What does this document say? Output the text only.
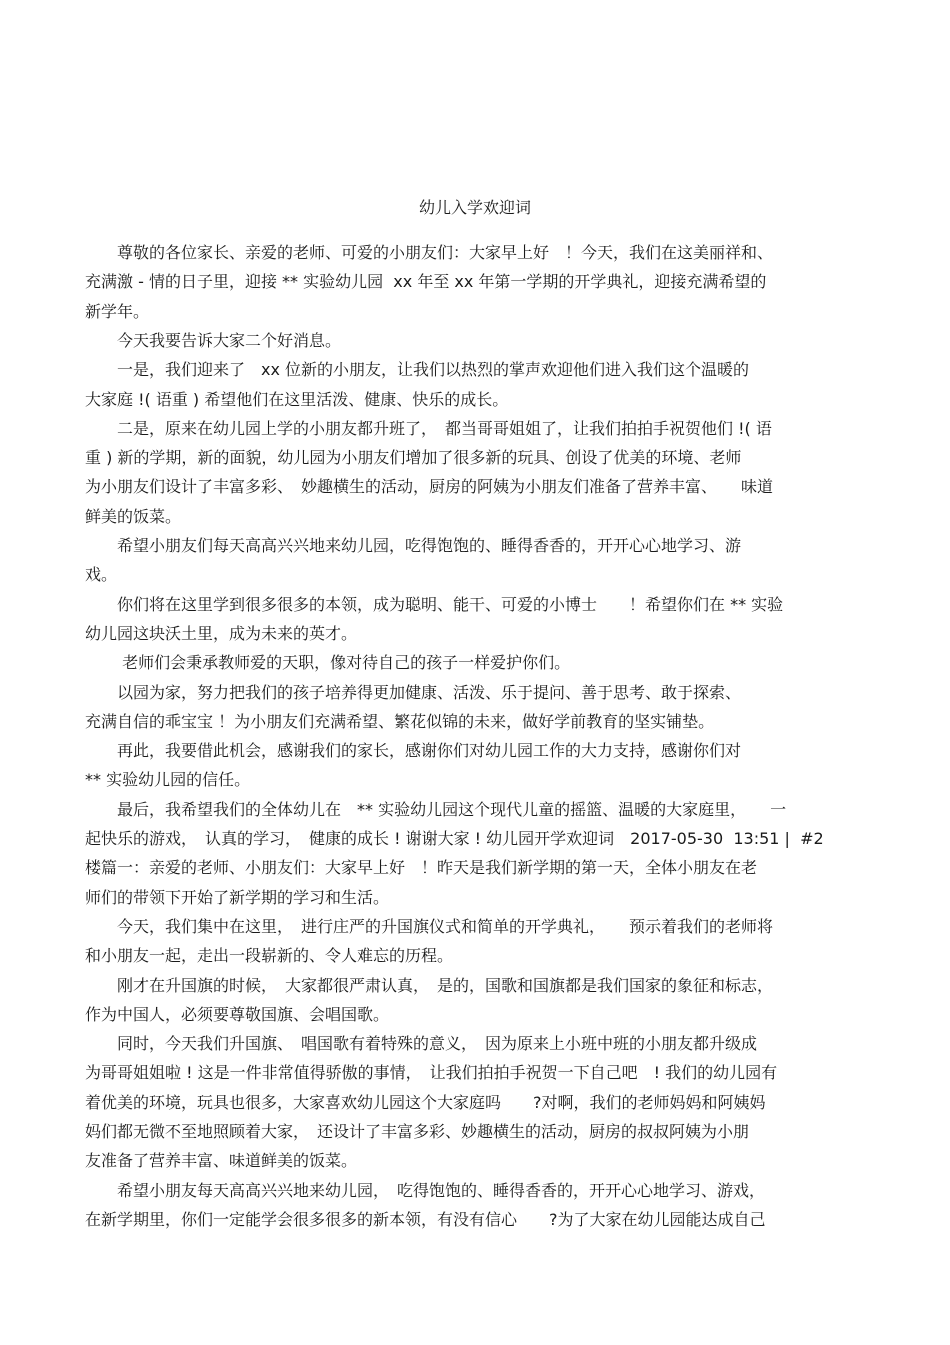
幼儿入学欢迎词
　　尊敬的各位家长、亲爱的老师、可爱的小朋友们：大家早上好　！今天，我们在这美丽祥和、
充满激 - 情的日子里，迎接 ** 实验幼儿园  xx 年至 xx 年第一学期的开学典礼，迎接充满希望的
新学年。
　　今天我要告诉大家二个好消息。
　　一是，我们迎来了　xx 位新的小朋友，让我们以热烈的掌声欢迎他们进入我们这个温暖的
大家庭 !( 语重 ) 希望他们在这里活泼、健康、快乐的成长。
　　二是，原来在幼儿园上学的小朋友都升班了，　都当哥哥姐姐了，让我们拍拍手祝贺他们 !( 语
重 ) 新的学期，新的面貌，幼儿园为小朋友们增加了很多新的玩具、创设了优美的环境、老师
为小朋友们设计了丰富多彩、　妙趣横生的活动，厨房的阿姨为小朋友们准备了营养丰富、　　味道
鲜美的饭菜。
　　希望小朋友们每天高高兴兴地来幼儿园，吃得饱饱的、睡得香香的，开开心心地学习、游
戏。
　　你们将在这里学到很多很多的本领，成为聪明、能干、可爱的小博士　　！希望你们在 ** 实验
幼儿园这块沃土里，成为未来的英才。
　　 老师们会秉承教师爱的天职，像对待自己的孩子一样爱护你们。
　　以园为家，努力把我们的孩子培养得更加健康、活泼、乐于提问、善于思考、敢于探索、
充满自信的乖宝宝 ！为小朋友们充满希望、繁花似锦的未来，做好学前教育的坚实铺垫。
　　再此，我要借此机会，感谢我们的家长，感谢你们对幼儿园工作的大力支持，感谢你们对
** 实验幼儿园的信任。
　　最后，我希望我们的全体幼儿在　** 实验幼儿园这个现代儿童的摇篮、温暖的大家庭里，　　一
起快乐的游戏，　认真的学习，　健康的成长 ! 谢谢大家 ! 幼儿园开学欢迎词　2017-05-30  13:51 |  #2
楼篇一：亲爱的老师、小朋友们：大家早上好　！昨天是我们新学期的第一天，全体小朋友在老
师们的带领下开始了新学期的学习和生活。
　　今天，我们集中在这里，　进行庄严的升国旗仪式和简单的开学典礼，　　预示着我们的老师将
和小朋友一起，走出一段崭新的、令人难忘的历程。
　　刚才在升国旗的时候，　大家都很严肃认真，　是的，国歌和国旗都是我们国家的象征和标志，
作为中国人，必须要尊敬国旗、会唱国歌。
　　同时，今天我们升国旗、　唱国歌有着特殊的意义，　因为原来上小班中班的小朋友都升级成
为哥哥姐姐啦 ! 这是一件非常值得骄傲的事情，　让我们拍拍手祝贺一下自己吧　! 我们的幼儿园有
着优美的环境，玩具也很多，大家喜欢幼儿园这个大家庭吗　　?对啊，我们的老师妈妈和阿姨妈
妈们都无微不至地照顾着大家，　还设计了丰富多彩、妙趣横生的活动，厨房的叔叔阿姨为小朋
友准备了营养丰富、味道鲜美的饭菜。
　　希望小朋友每天高高兴兴地来幼儿园，　吃得饱饱的、睡得香香的，开开心心地学习、游戏，
在新学期里，你们一定能学会很多很多的新本领，有没有信心　　?为了大家在幼儿园能达成自己
